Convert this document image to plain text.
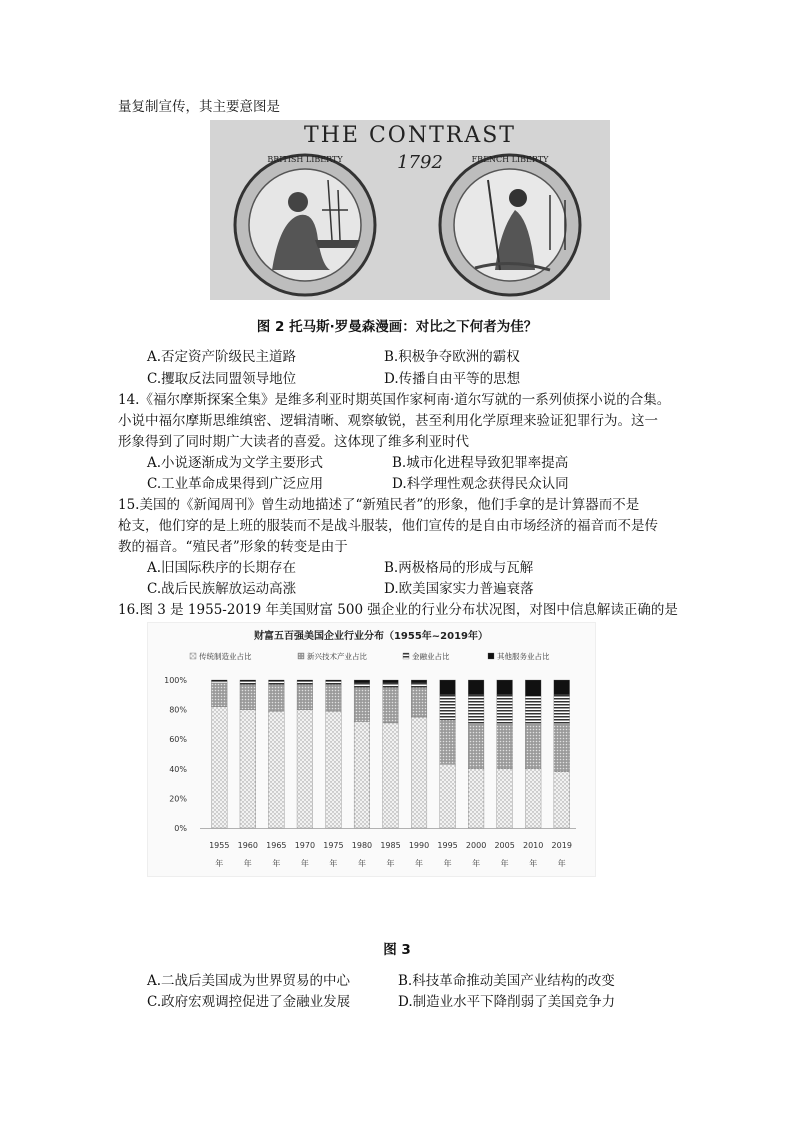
量复制宣传，其主要意图是
THE CONTRAST
1792
BRITISH LIBERTY	FRENCH LIBERTY
图 2 托马斯·罗曼森漫画：对比之下何者为佳？
A.否定资产阶级民主道路	B.积极争夺欧洲的霸权
C.攫取反法同盟领导地位	D.传播自由平等的思想
14.《福尔摩斯探案全集》是维多利亚时期英国作家柯南·道尔写就的一系列侦探小说的合集。
小说中福尔摩斯思维缜密、逻辑清晰、观察敏锐，甚至利用化学原理来验证犯罪行为。这一
形象得到了同时期广大读者的喜爱。这体现了维多利亚时代
A.小说逐渐成为文学主要形式	B.城市化进程导致犯罪率提高
C.工业革命成果得到广泛应用	D.科学理性观念获得民众认同
15.美国的《新闻周刊》曾生动地描述了“新殖民者”的形象，他们手拿的是计算器而不是
枪支，他们穿的是上班的服装而不是战斗服装，他们宣传的是自由市场经济的福音而不是传
教的福音。“殖民者”形象的转变是由于
A.旧国际秩序的长期存在	B.两极格局的形成与瓦解
C.战后民族解放运动高涨	D.欧美国家实力普遍衰落
16.图 3 是 1955-2019 年美国财富 500 强企业的行业分布状况图，对图中信息解读正确的是
财富五百强美国企业行业分布（1955年~2019年）
传统制造业占比	新兴技术产业占比	金融业占比	其他服务业占比
0%
20%
40%
60%
80%
100%
1955
年
1960
年
1965
年
1970
年
1975
年
1980
年
1985
年
1990
年
1995
年
2000
年
2005
年
2010
年
2019
年
图 3
A.二战后美国成为世界贸易的中心	B.科技革命推动美国产业结构的改变
C.政府宏观调控促进了金融业发展	D.制造业水平下降削弱了美国竞争力
